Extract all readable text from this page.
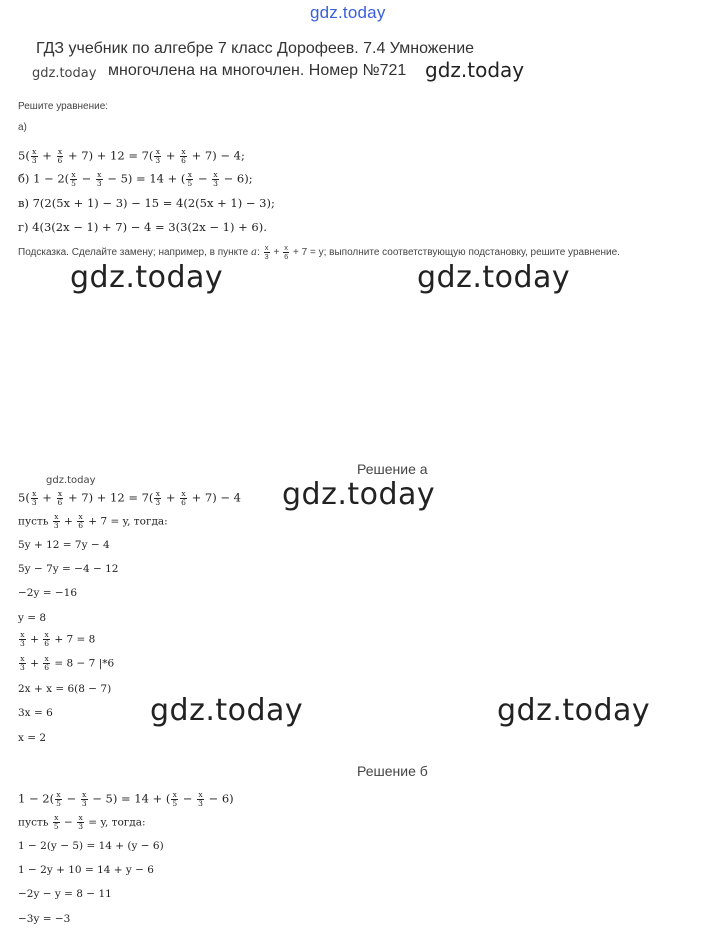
gdz.today
ГДЗ учебник по алгебре 7 класс Дорофеев. 7.4 Умножение
gdz.today многочлена на многочлен. Номер №721 gdz.today
Решите уравнение:
а)
$5( \frac{x}{3} + \frac{x}{6} + 7) + 12 = 7( \frac{x}{3} + \frac{x}{6} + 7) - 4$;
б) $1 - 2( \frac{x}{5} - \frac{x}{3} - 5) = 14$ + ( $\frac{x}{5} - \frac{x}{3} - 6$);
в) 7(2(5x + 1) − 3) − 15 = 4(2(5x + 1) − 3);
г) 4(3(2x − 1) + 7) − 4 = 3(3(2x − 1) + 6).
Подсказка. Сделайте замену; например, в пункте a: $\frac{x}{3} + \frac{x}{6} + 7 = y$; выполните соответствующую подстановку, решите уравнение.
gdz.today	gdz.today
Решение а
gdz.today	gdz.today
$5( \frac{x}{3} + \frac{x}{6} + 7) + 12 = 7( \frac{x}{3} + \frac{x}{6} + 7) - 4$
пусть $\frac{x}{3} + \frac{x}{6} + 7 = y$, тогда:
5y + 12 = 7y − 4
5y − 7y = −4 − 12
−2y = −16
y = 8
$\frac{x}{3} + \frac{x}{6} + 7 = 8$
$\frac{x}{3} + \frac{x}{6} = 8 - 7$ |*6
2x + x = 6(8 − 7)
3x = 6
x = 2
gdz.today	gdz.today
Решение б
$1 - 2( \frac{x}{5} - \frac{x}{3} - 5) = 14$ + ( $\frac{x}{5} - \frac{x}{3} - 6$)
пусть $\frac{x}{5} - \frac{x}{3} = y$, тогда:
1 − 2(y − 5) = 14 + (y − 6)
1 − 2y + 10 = 14 + y − 6
−2y − y = 8 − 11
−3y = −3
